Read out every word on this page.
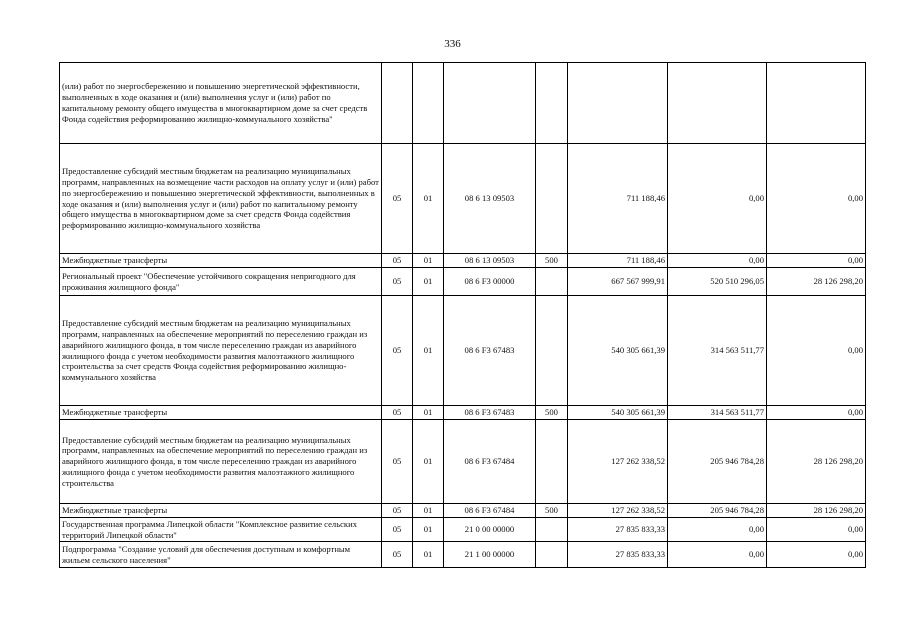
336
(или) работ по энергосбережению и повышению энергетической эффективности, выполненных в ходе оказания и (или) выполнения услуг и (или) работ по капитальному ремонту общего имущества в многоквартирном доме за счет средств Фонда содействия реформированию жилищно-коммунального хозяйства"							
Предоставление субсидий местным бюджетам на реализацию муниципальных программ, направленных на возмещение части расходов на оплату услуг и (или) работ по энергосбережению и повышению энергетической эффективности, выполненных в ходе оказания и (или) выполнения услуг и (или) работ по капитальному ремонту общего имущества в многоквартирном доме за счет средств Фонда содействия реформированию жилищно-коммунального хозяйства	05	01	08 6 13 09503		711 188,46	0,00	0,00
Межбюджетные трансферты	05	01	08 6 13 09503	500	711 188,46	0,00	0,00
Региональный проект "Обеспечение устойчивого сокращения непригодного для проживания жилищного фонда"	05	01	08 6 F3 00000		667 567 999,91	520 510 296,05	28 126 298,20
Предоставление субсидий местным бюджетам на реализацию муниципальных программ, направленных на обеспечение мероприятий по переселению граждан из аварийного жилищного фонда, в том числе переселению граждан из аварийного жилищного фонда с учетом необходимости развития малоэтажного жилищного строительства за счет средств Фонда содействия реформированию жилищно-коммунального хозяйства	05	01	08 6 F3 67483		540 305 661,39	314 563 511,77	0,00
Межбюджетные трансферты	05	01	08 6 F3 67483	500	540 305 661,39	314 563 511,77	0,00
Предоставление субсидий местным бюджетам на реализацию муниципальных программ, направленных на обеспечение мероприятий по переселению граждан из аварийного жилищного фонда, в том числе переселению граждан из аварийного жилищного фонда с учетом необходимости развития малоэтажного жилищного строительства	05	01	08 6 F3 67484		127 262 338,52	205 946 784,28	28 126 298,20
Межбюджетные трансферты	05	01	08 6 F3 67484	500	127 262 338,52	205 946 784,28	28 126 298,20
Государственная программа Липецкой области "Комплексное развитие сельских территорий Липецкой области"	05	01	21 0 00 00000		27 835 833,33	0,00	0,00
Подпрограмма "Создание условий для обеспечения доступным и комфортным жильем сельского населения"	05	01	21 1 00 00000		27 835 833,33	0,00	0,00
